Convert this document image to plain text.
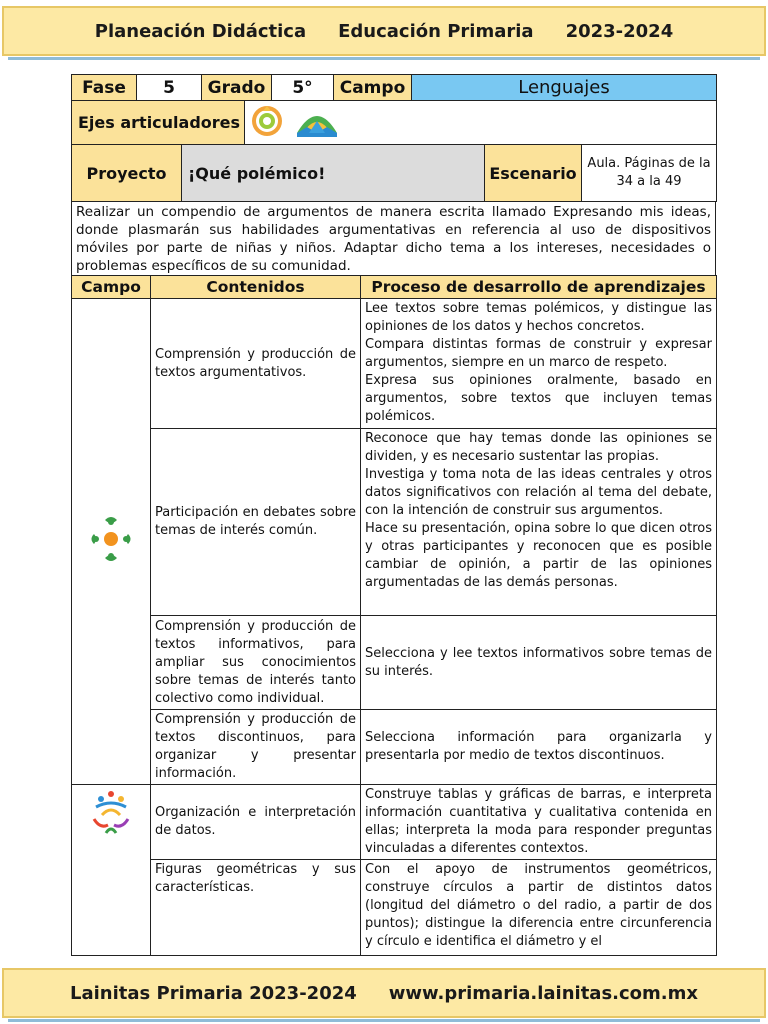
Planeación Didáctica Educación Primaria 2023-2024
Fase	5	Grado	5°	Campo	Lenguajes
Ejes articuladores	
Proyecto	¡Qué polémico!	Escenario	Aula. Páginas de la 34 a la 49
Realizar un compendio de argumentos de manera escrita llamado Expresando mis ideas, donde plasmarán sus habilidades argumentativas en referencia al uso de dispositivos móviles por parte de niñas y niños. Adaptar dicho tema a los intereses, necesidades o problemas específicos de su comunidad.
Campo	Contenidos	Proceso de desarrollo de aprendizajes
	Comprensión y producción de textos argumentativos.	Lee textos sobre temas polémicos, y distingue las opiniones de los datos y hechos concretos.

Compara distintas formas de construir y expresar argumentos, siempre en un marco de respeto.

Expresa sus opiniones oralmente, basado en argumentos, sobre textos que incluyen temas polémicos.

	Participación en debates sobre temas de interés común.	Reconoce que hay temas donde las opiniones se dividen, y es necesario sustentar las propias.

Investiga y toma nota de las ideas centrales y otros datos significativos con relación al tema del debate, con la intención de construir sus argumentos.

Hace su presentación, opina sobre lo que dicen otros y otras participantes y reconocen que es posible cambiar de opinión, a partir de las opiniones argumentadas de las demás personas.

	Comprensión y producción de textos informativos, para ampliar sus conocimientos sobre temas de interés tanto colectivo como individual.	Selecciona y lee textos informativos sobre temas de su interés.

	Comprensión y producción de textos discontinuos, para organizar y presentar información.	Selecciona información para organizarla y presentarla por medio de textos discontinuos.

	Organización e interpretación de datos.	Construye tablas y gráficas de barras, e interpreta información cuantitativa y cualitativa contenida en ellas; interpreta la moda para responder preguntas vinculadas a diferentes contextos.

	Figuras geométricas y sus características.	Con el apoyo de instrumentos geométricos, construye círculos a partir de distintos datos (longitud del diámetro o del radio, a partir de dos puntos); distingue la diferencia entre circunferencia y círculo e identifica el diámetro y el

Lainitas Primaria 2023-2024 www.primaria.lainitas.com.mx
